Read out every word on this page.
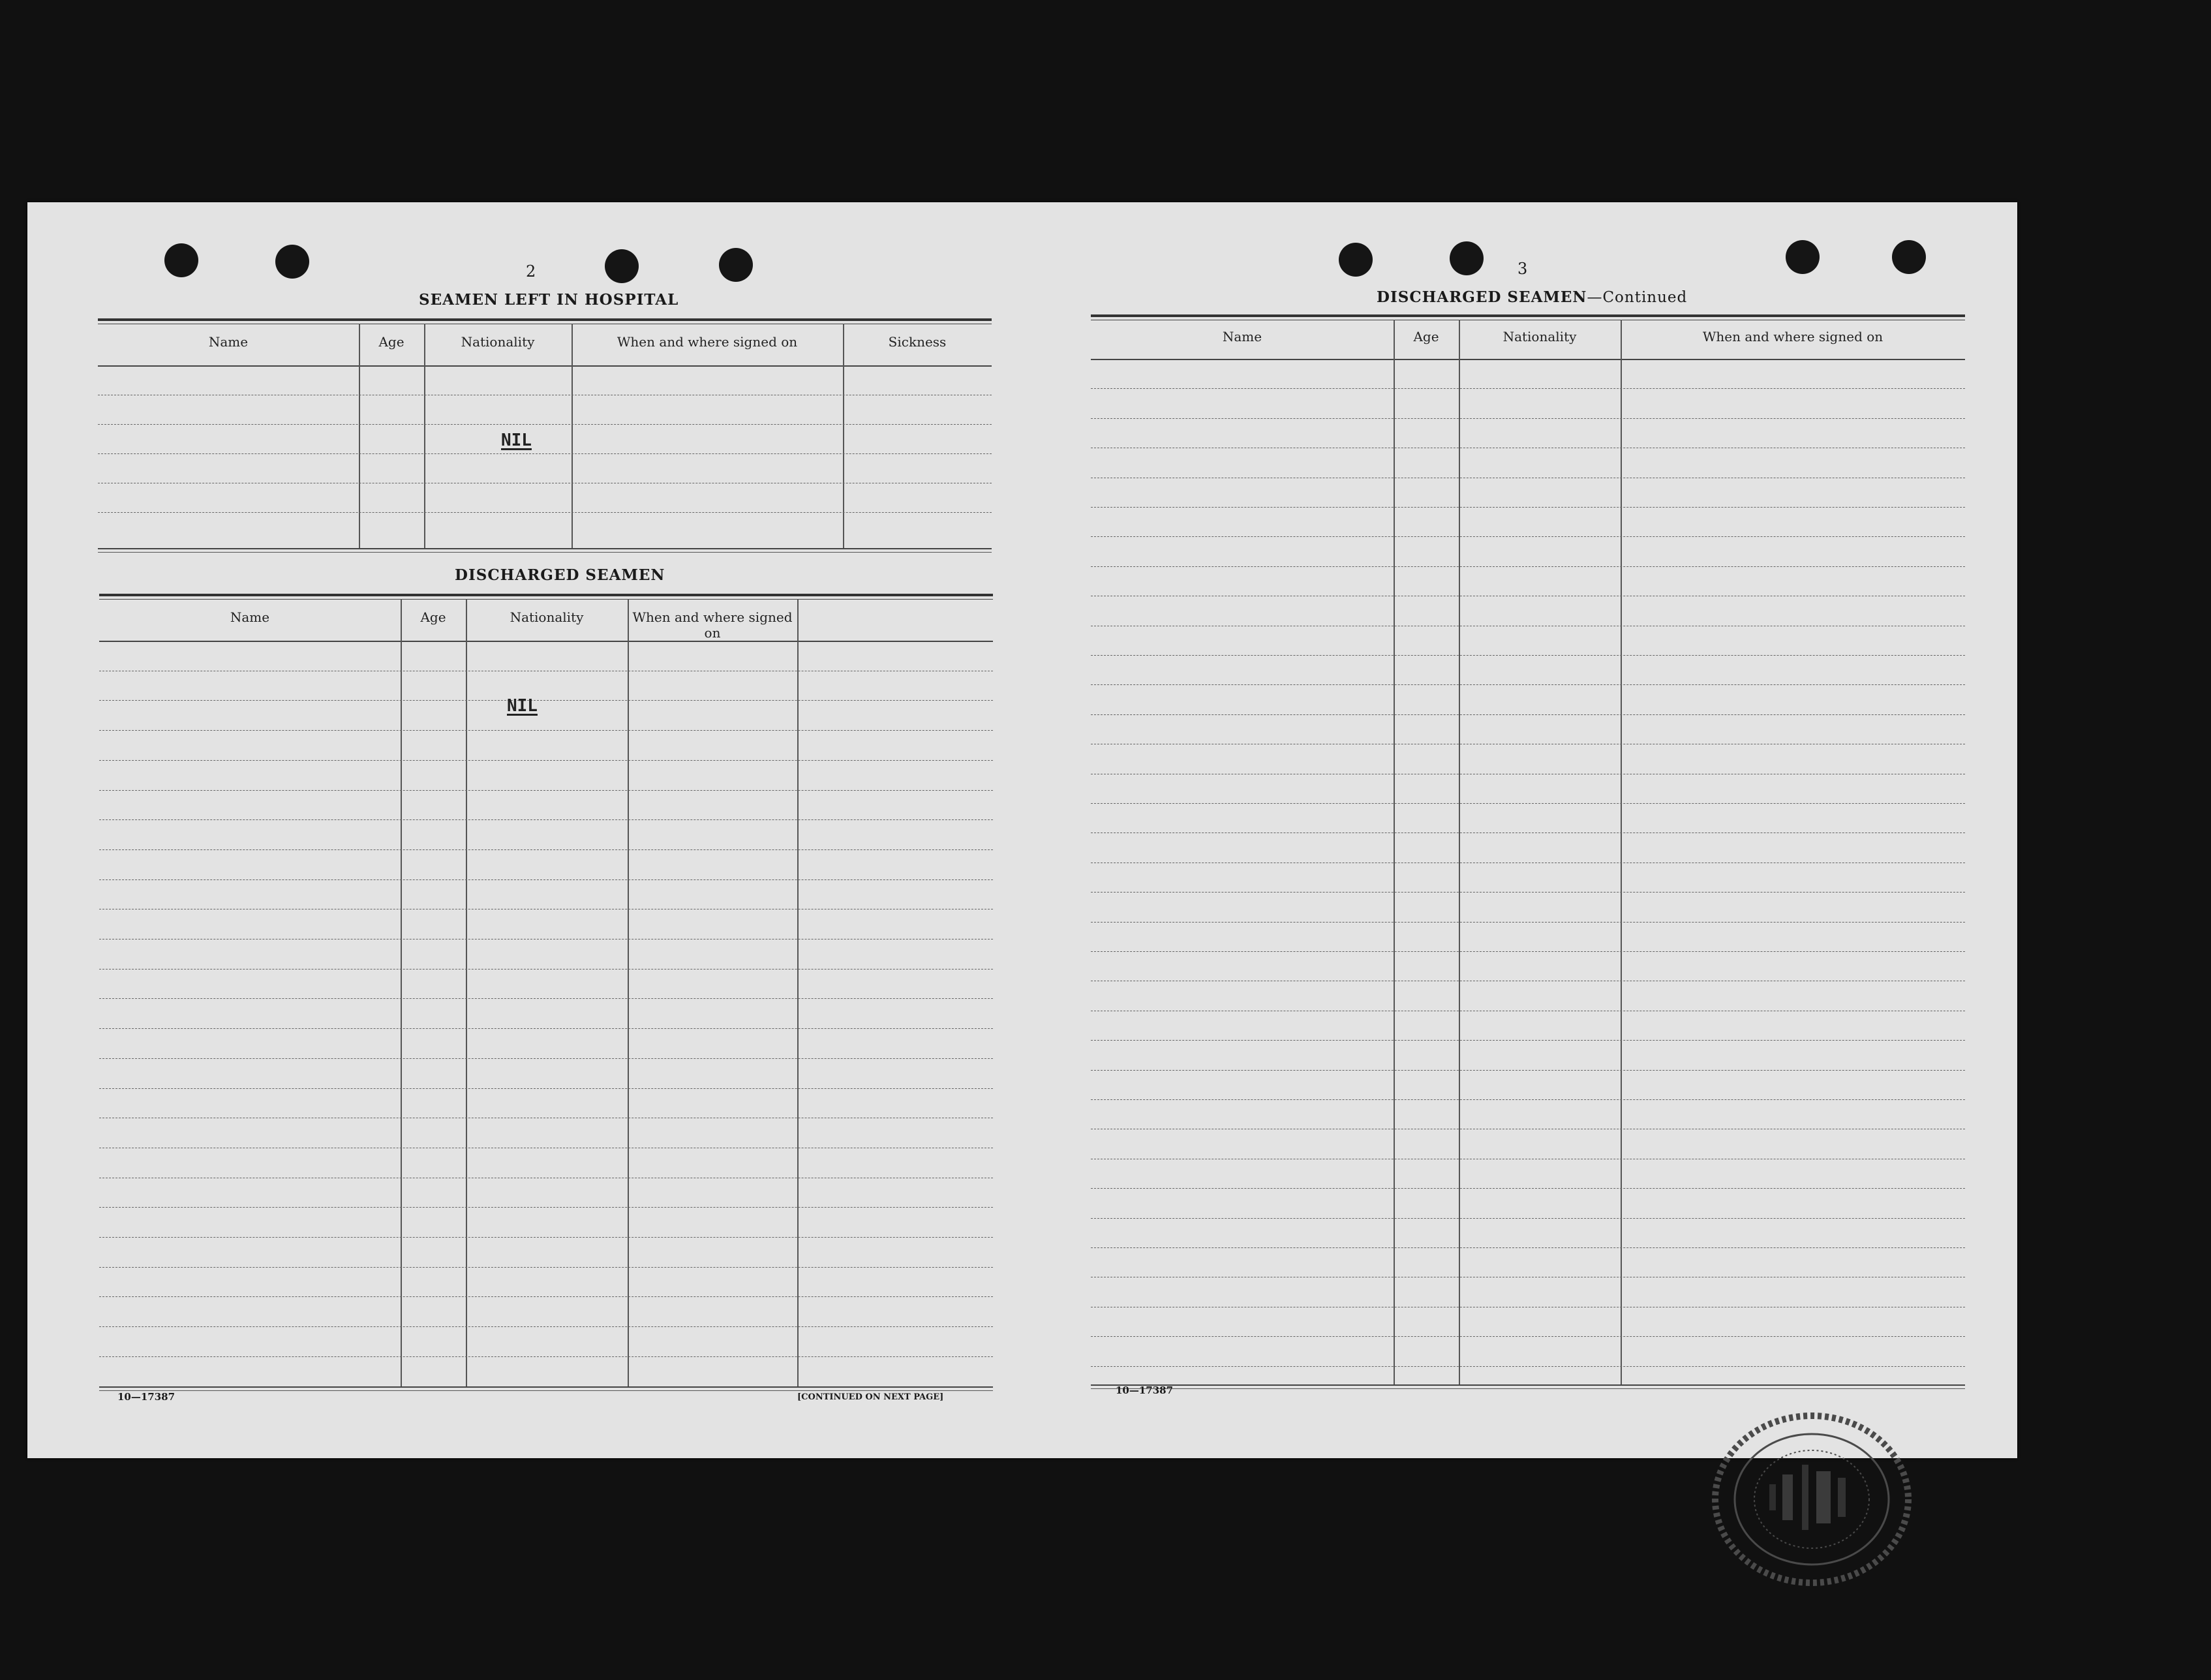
2
SEAMEN LEFT IN HOSPITAL
Name	Age	Nationality	When and where signed on	Sickness
NIL
DISCHARGED SEAMEN
Name	Age	Nationality	When and where signed on
NIL
10—17387	[CONTINUED ON NEXT PAGE]
3
DISCHARGED SEAMEN—Continued
Name	Age	Nationality	When and where signed on
10—17387
